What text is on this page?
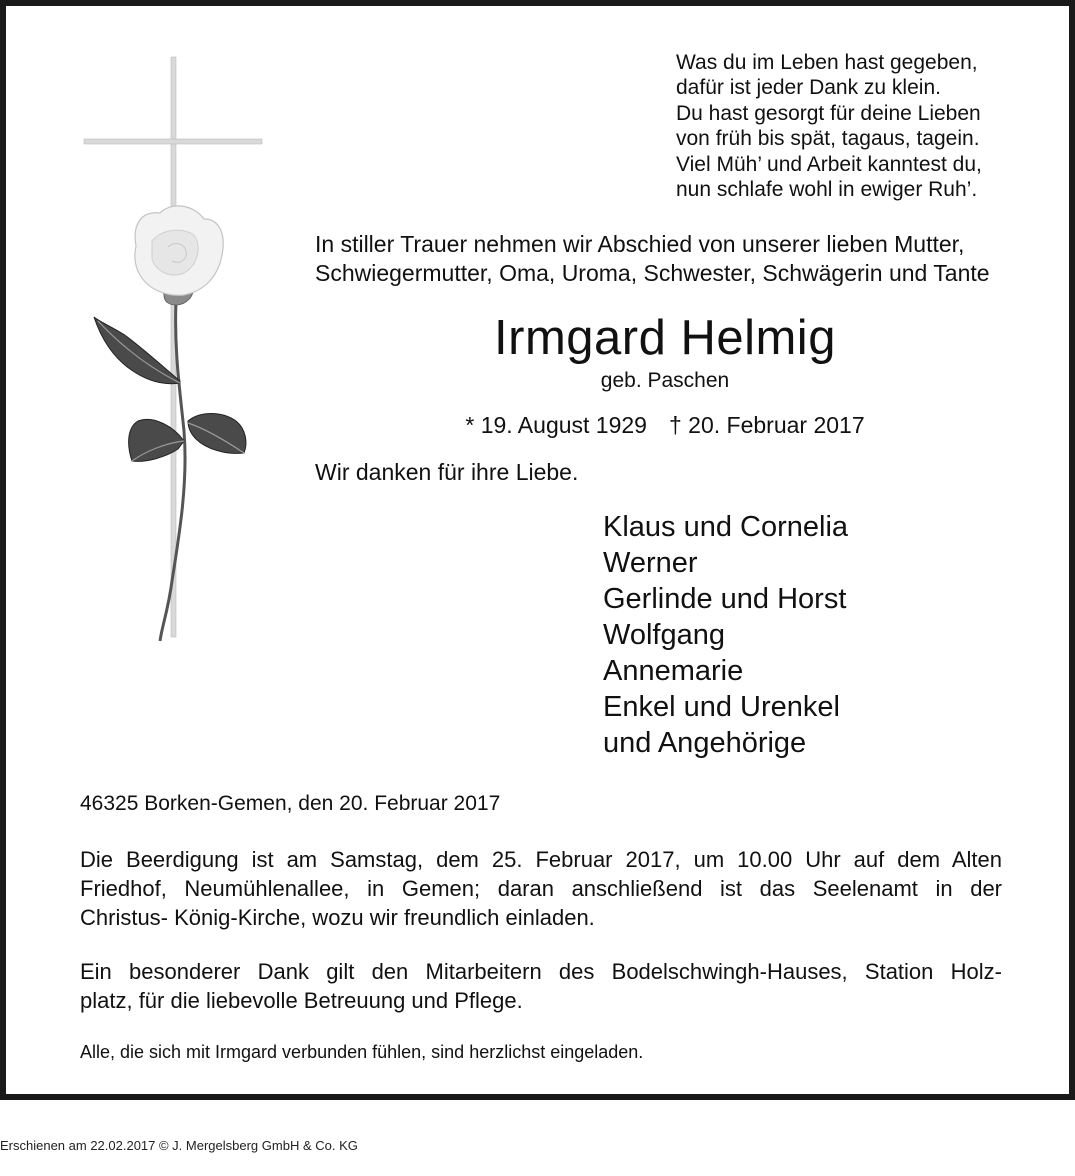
Was du im Leben hast gegeben,
dafür ist jeder Dank zu klein.
Du hast gesorgt für deine Lieben
von früh bis spät, tagaus, tagein.
Viel Müh’ und Arbeit kanntest du,
nun schlafe wohl in ewiger Ruh’.
In stiller Trauer nehmen wir Abschied von unserer lieben Mutter,
Schwiegermutter, Oma, Uroma, Schwester, Schwägerin und Tante
Irmgard Helmig
geb. Paschen
* 19. August 1929 † 20. Februar 2017
Wir danken für ihre Liebe.
Klaus und Cornelia
Werner
Gerlinde und Horst
Wolfgang
Annemarie
Enkel und Urenkel
und Angehörige
46325 Borken-Gemen, den 20. Februar 2017
Die Beerdigung ist am Samstag, dem 25. Februar 2017, um 10.00 Uhr auf dem Alten
Friedhof, Neumühlenallee, in Gemen; daran anschließend ist das Seelenamt in der
Christus- König-Kirche, wozu wir freundlich einladen.
Ein besonderer Dank gilt den Mitarbeitern des Bodelschwingh-Hauses, Station Holz-
platz, für die liebevolle Betreuung und Pflege.
Alle, die sich mit Irmgard verbunden fühlen, sind herzlichst eingeladen.
Erschienen am 22.02.2017 © J. Mergelsberg GmbH & Co. KG
